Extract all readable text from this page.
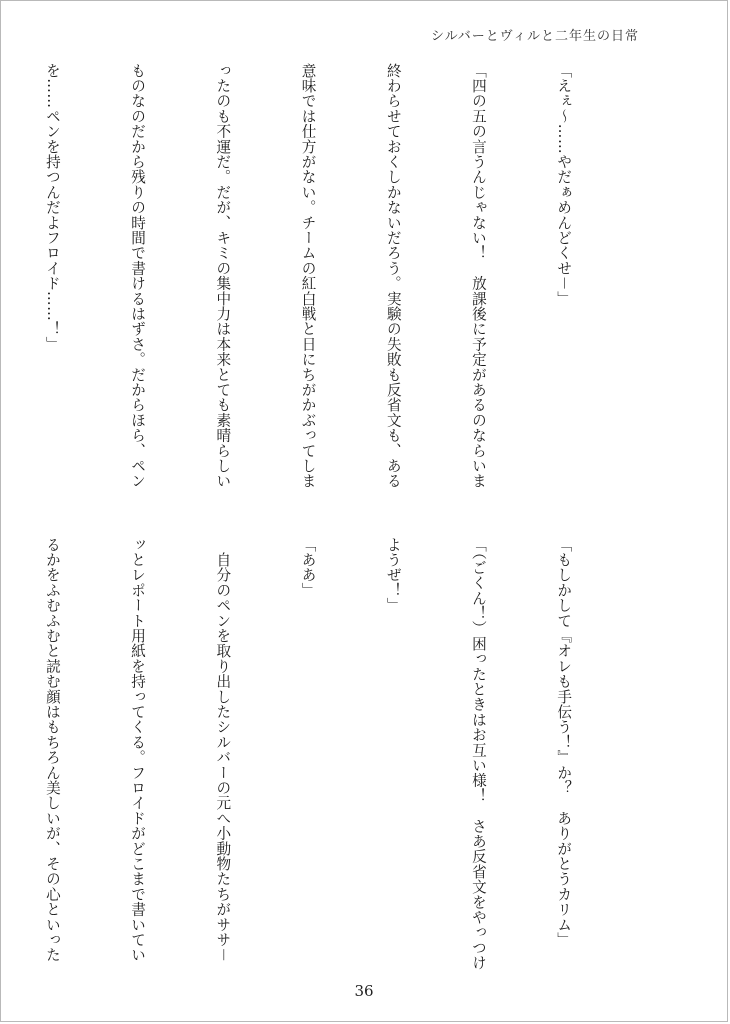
シルバーとヴィルと二年生の日常

「えぇ～……やだぁめんどくせ－」

「四の五の言うんじゃない！　放課後に予定があるのならいま

終わらせておくしかないだろう。実験の失敗も反省文も、ある

意味では仕方がない。チームの紅白戦と日にちがかぶってしま

ったのも不運だ。だが、キミの集中力は本来とても素晴らしい

ものなのだから残りの時間で書けるはずさ。だからほら、ペン

を……ペンを持つんだよフロイド……！」

「もしかして『オレも手伝う！』か？　ありがとうカリム」

「（ごくん！）困ったときはお互い様！　さあ反省文をやっつけ

ようぜ！」

「ああ」

　自分のペンを取り出したシルバーの元へ小動物たちがササ－

ッとレポート用紙を持ってくる。フロイドがどこまで書いてい

るかをふむふむと読む顔はもちろん美しいが、その心といった

36
